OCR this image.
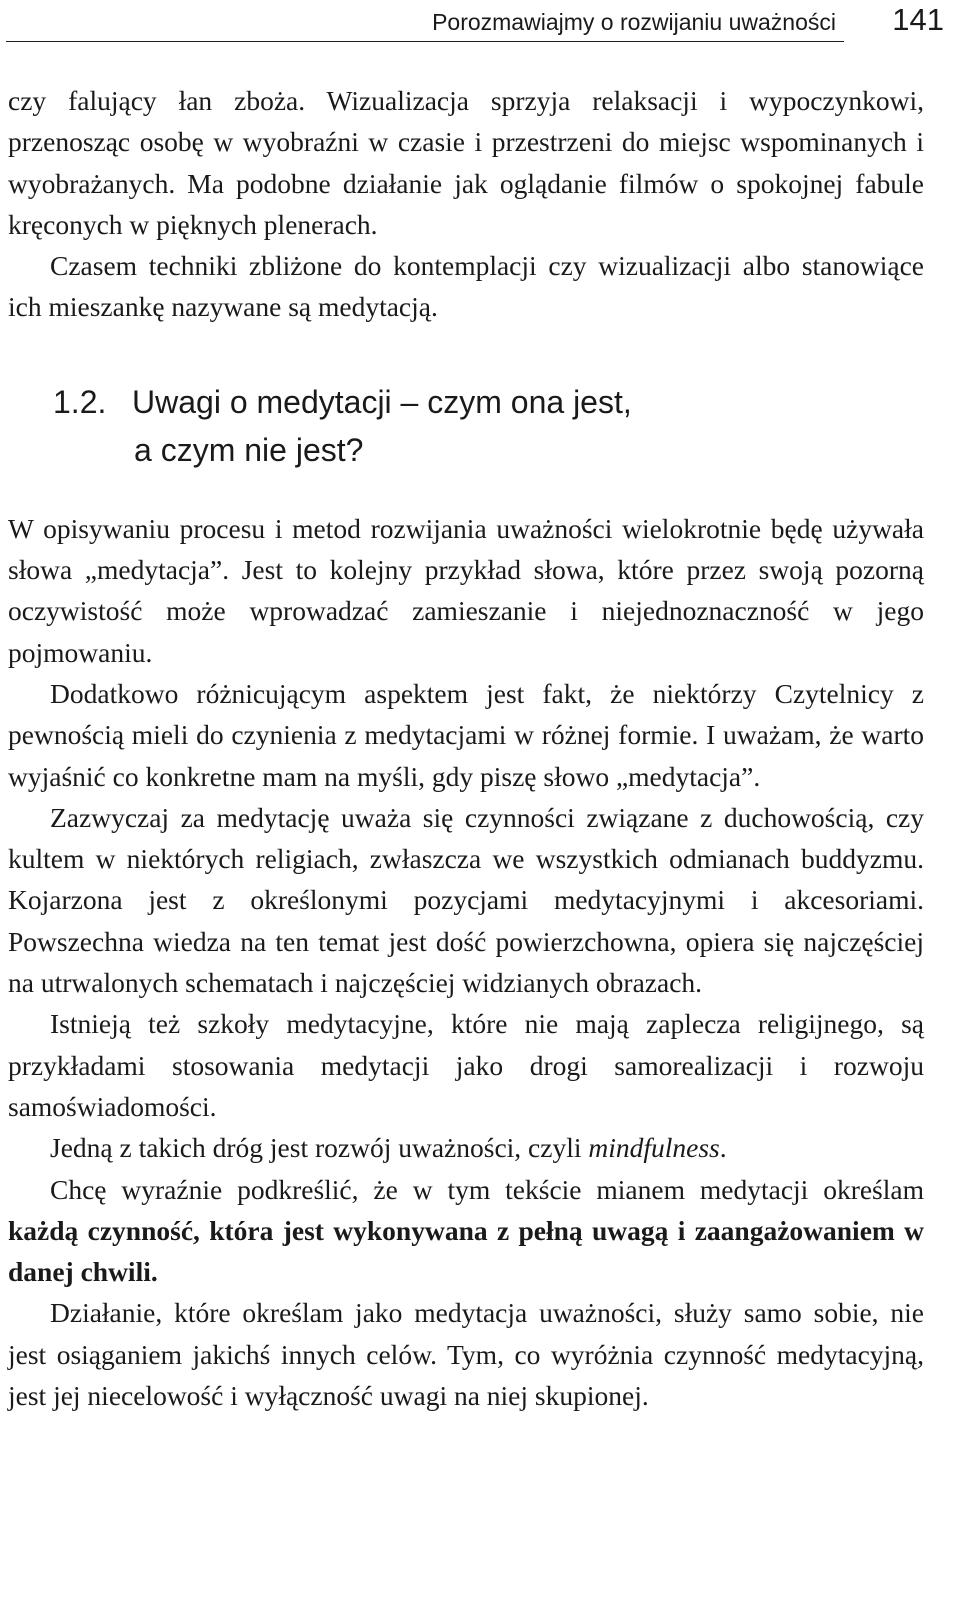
Porozmawiajmy o rozwijaniu uważności 141

czy falujący łan zboża. Wizualizacja sprzyja relaksacji i wypoczynkowi, przenosząc osobę w wyobraźni w czasie i przestrzeni do miejsc wspominanych i wyobrażanych. Ma podobne działanie jak oglądanie filmów o spokojnej fabule kręconych w pięknych plenerach.

Czasem techniki zbliżone do kontemplacji czy wizualizacji albo stanowiące ich mieszankę nazywane są medytacją.

1.2. Uwagi o medytacji – czym ona jest,
a czym nie jest?

W opisywaniu procesu i metod rozwijania uważności wielokrotnie będę używała słowa „medytacja”. Jest to kolejny przykład słowa, które przez swoją pozorną oczywistość może wprowadzać zamieszanie i niejednoznaczność w jego pojmowaniu.

Dodatkowo różnicującym aspektem jest fakt, że niektórzy Czytelnicy z pewnością mieli do czynienia z medytacjami w różnej formie. I uważam, że warto wyjaśnić co konkretne mam na myśli, gdy piszę słowo „medytacja”.

Zazwyczaj za medytację uważa się czynności związane z duchowością, czy kultem w niektórych religiach, zwłaszcza we wszystkich odmianach buddyzmu. Kojarzona jest z określonymi pozycjami medytacyjnymi i akcesoriami. Powszechna wiedza na ten temat jest dość powierzchowna, opiera się najczęściej na utrwalonych schematach i najczęściej widzianych obrazach.

Istnieją też szkoły medytacyjne, które nie mają zaplecza religijnego, są przykładami stosowania medytacji jako drogi samorealizacji i rozwoju samoświadomości.

Jedną z takich dróg jest rozwój uważności, czyli mindfulness.

Chcę wyraźnie podkreślić, że w tym tekście mianem medytacji określam każdą czynność, która jest wykonywana z pełną uwagą i zaangażowaniem w danej chwili.

Działanie, które określam jako medytacja uważności, służy samo sobie, nie jest osiąganiem jakichś innych celów. Tym, co wyróżnia czynność medytacyjną, jest jej niecelowość i wyłączność uwagi na niej skupionej.
